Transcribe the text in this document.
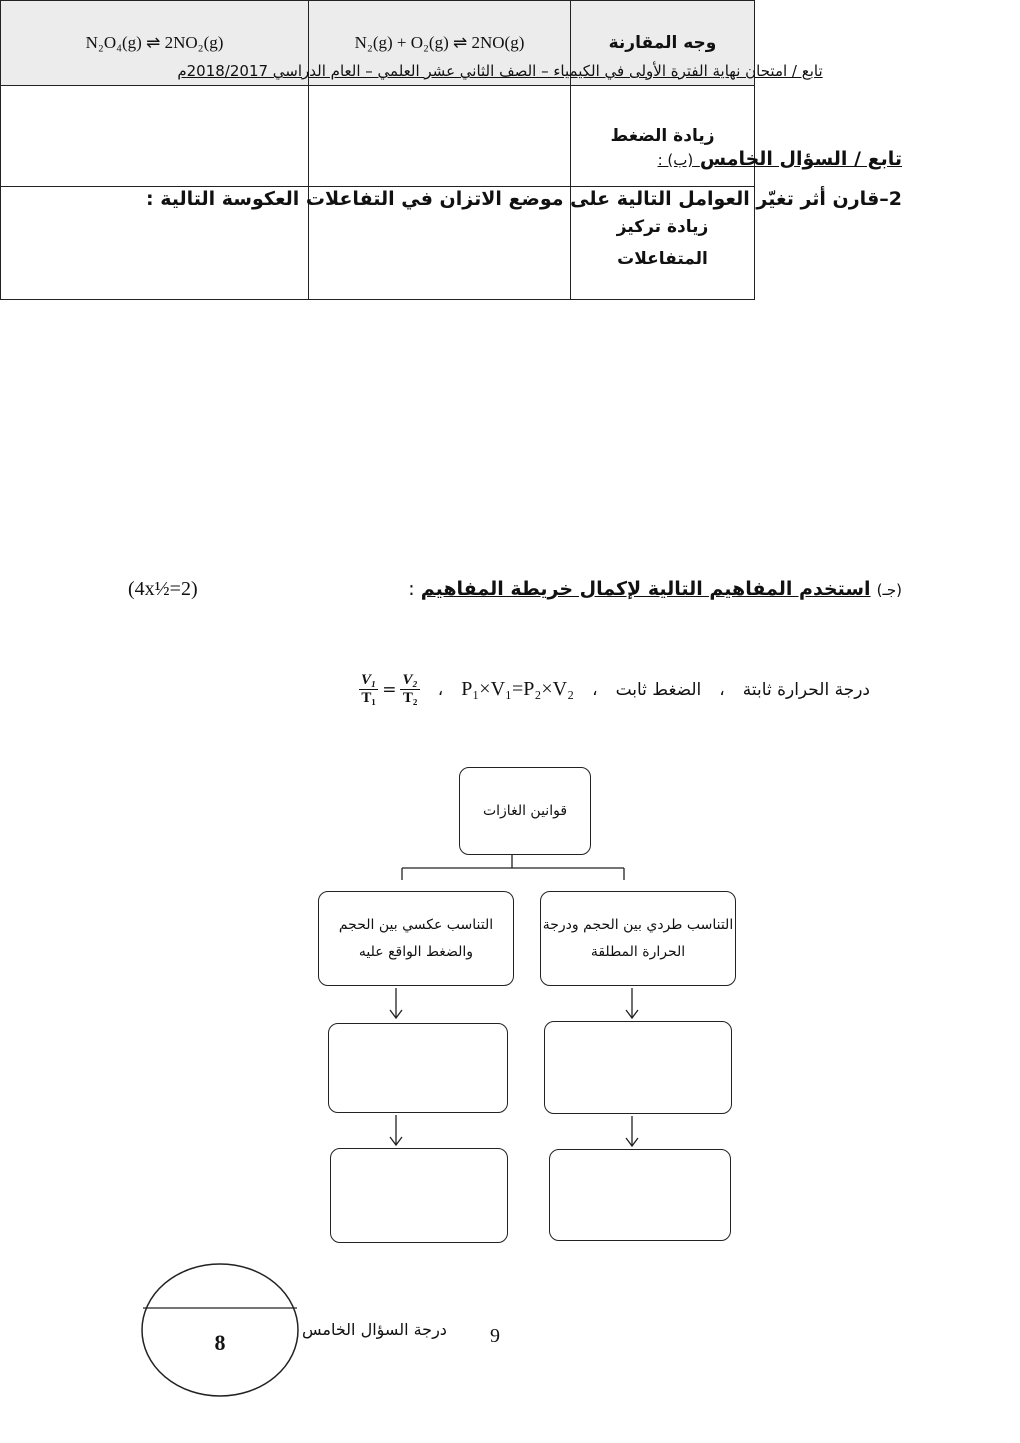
تابع / امتحان نهاية الفترة الأولى في الكيمياء – الصف الثاني عشر العلمي – العام الدراسي 2018/2017م
تابع / السؤال الخامس (ب) :
2–قارن أثر تغيّر العوامل التالية على موضع الاتزان في التفاعلات العكوسة التالية :
وجه المقارنة	N₂(g) + O₂(g) ⇌ 2NO(g)	N₂O₄(g) ⇌ 2NO₂(g)
زيادة الضغط		
زيادة تركيز المتفاعلات		
(4x½=2)	(جـ) استخدم المفاهيم التالية لإكمال خريطة المفاهيم :
درجة الحرارة ثابتة
،
الضغط ثابت
،
P₁×V₁=P₂×V₂
،
$\frac{\text{V₁}}{\text{T₁}} = \frac{\text{V₂}}{\text{T₂}}$
قوانين الغازات
التناسب عكسي بين الحجم والضغط الواقع عليه
التناسب طردي بين الحجم ودرجة الحرارة المطلقة
8
درجة السؤال الخامس 9
